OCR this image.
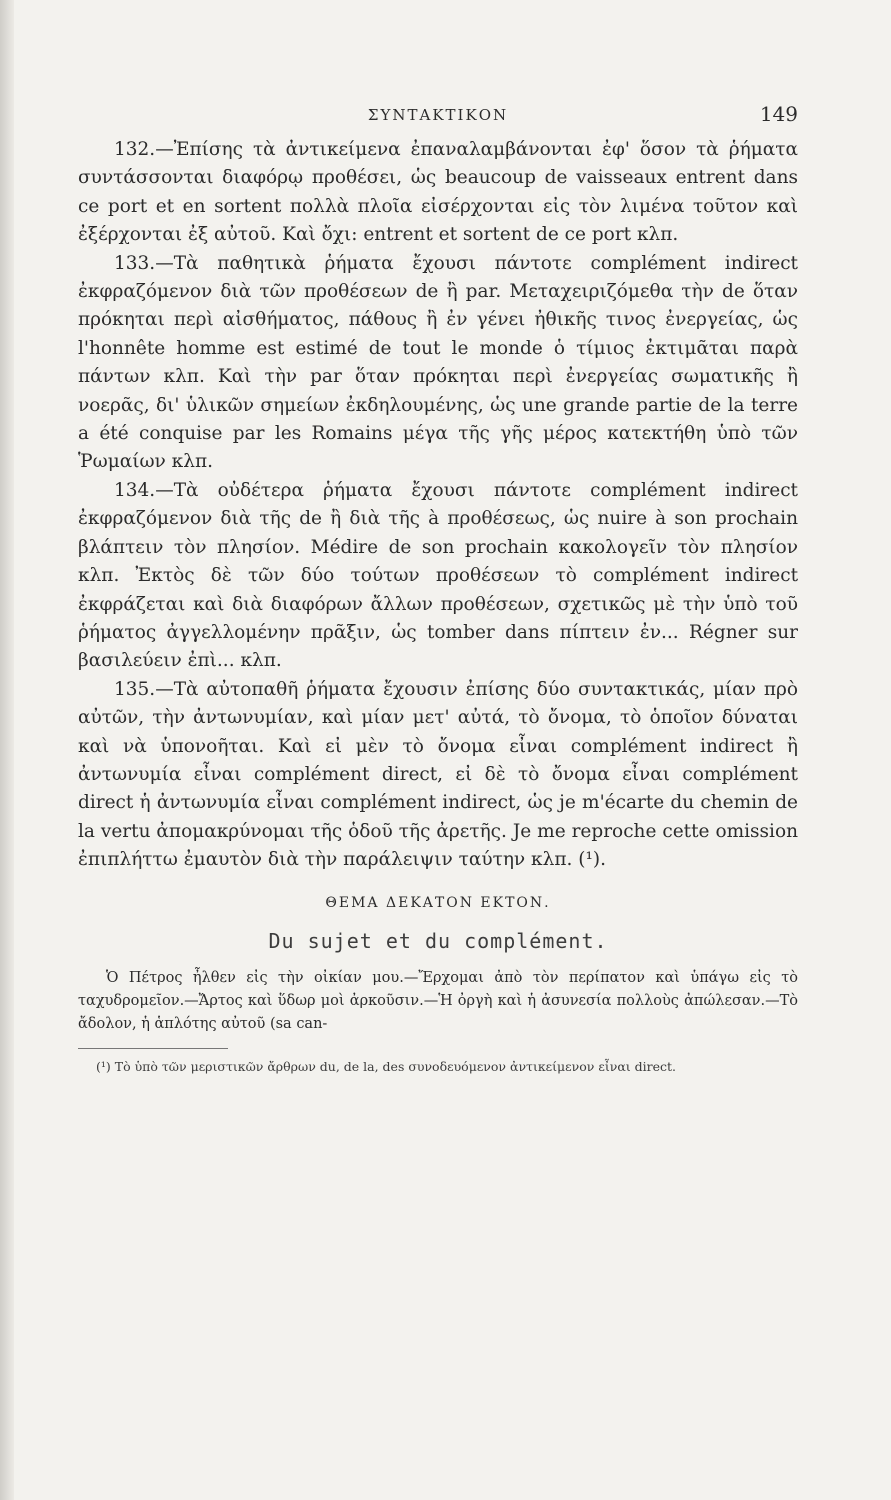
ΣΥΝΤΑΚΤΙΚΟΝ	149

132.—Ἐπίσης τὰ ἀντικείμενα ἐπαναλαμβάνονται ἐφ' ὅσον τὰ ῥήματα συντάσσονται διαφόρῳ προθέσει, ὡς beaucoup de vaisseaux entrent dans ce port et en sortent πολλὰ πλοῖα εἰσέρχονται εἰς τὸν λιμένα τοῦτον καὶ ἐξέρχονται ἐξ αὐτοῦ. Καὶ ὄχι: entrent et sortent de ce port κλπ.

133.—Τὰ παθητικὰ ῥήματα ἔχουσι πάντοτε complément indirect ἐκφραζόμενον διὰ τῶν προθέσεων de ἢ par. Μεταχειριζόμεθα τὴν de ὅταν πρόκηται περὶ αἰσθήματος, πάθους ἢ ἐν γένει ἠθικῆς τινος ἐνεργείας, ὡς l'honnête homme est estimé de tout le monde ὁ τίμιος ἐκτιμᾶται παρὰ πάντων κλπ. Καὶ τὴν par ὅταν πρόκηται περὶ ἐνεργείας σωματικῆς ἢ νοερᾶς, δι' ὑλικῶν σημείων ἐκδηλουμένης, ὡς une grande partie de la terre a été conquise par les Romains μέγα τῆς γῆς μέρος κατεκτήθη ὑπὸ τῶν Ῥωμαίων κλπ.

134.—Τὰ οὐδέτερα ῥήματα ἔχουσι πάντοτε complément indirect ἐκφραζόμενον διὰ τῆς de ἢ διὰ τῆς à προθέσεως, ὡς nuire à son prochain βλάπτειν τὸν πλησίον. Médire de son prochain κακολογεῖν τὸν πλησίον κλπ. Ἐκτὸς δὲ τῶν δύο τούτων προθέσεων τὸ complément indirect ἐκφράζεται καὶ διὰ διαφόρων ἄλλων προθέσεων, σχετικῶς μὲ τὴν ὑπὸ τοῦ ῥήματος ἀγγελλομένην πρᾶξιν, ὡς tomber dans πίπτειν ἐν... Régner sur βασιλεύειν ἐπὶ... κλπ.

135.—Τὰ αὐτοπαθῆ ῥήματα ἔχουσιν ἐπίσης δύο συντακτικάς, μίαν πρὸ αὐτῶν, τὴν ἀντωνυμίαν, καὶ μίαν μετ' αὐτά, τὸ ὄνομα, τὸ ὁποῖον δύναται καὶ νὰ ὑπονοῆται. Καὶ εἰ μὲν τὸ ὄνομα εἶναι complément indirect ἢ ἀντωνυμία εἶναι complément direct, εἰ δὲ τὸ ὄνομα εἶναι complément direct ἡ ἀντωνυμία εἶναι complément indirect, ὡς je m'écarte du chemin de la vertu ἀπομακρύνομαι τῆς ὁδοῦ τῆς ἀρετῆς. Je me reproche cette omission ἐπιπλήττω ἐμαυτὸν διὰ τὴν παράλειψιν ταύτην κλπ. (¹).

ΘΕΜΑ ΔΕΚΑΤΟΝ ΕΚΤΟΝ.
Du sujet et du complément.

Ὁ Πέτρος ἦλθεν εἰς τὴν οἰκίαν μου.—Ἔρχομαι ἀπὸ τὸν περίπατον καὶ ὑπάγω εἰς τὸ ταχυδρομεῖον.—Ἄρτος καὶ ὕδωρ μοὶ ἀρκοῦσιν.—Ἡ ὀργὴ καὶ ἡ ἀσυνεσία πολλοὺς ἀπώλεσαν.—Τὸ ἄδολον, ἡ ἁπλότης αὐτοῦ (sa can-

(¹) Τὸ ὑπὸ τῶν μεριστικῶν ἄρθρων du, de la, des συνοδευόμενον ἀντικείμενον εἶναι direct.
